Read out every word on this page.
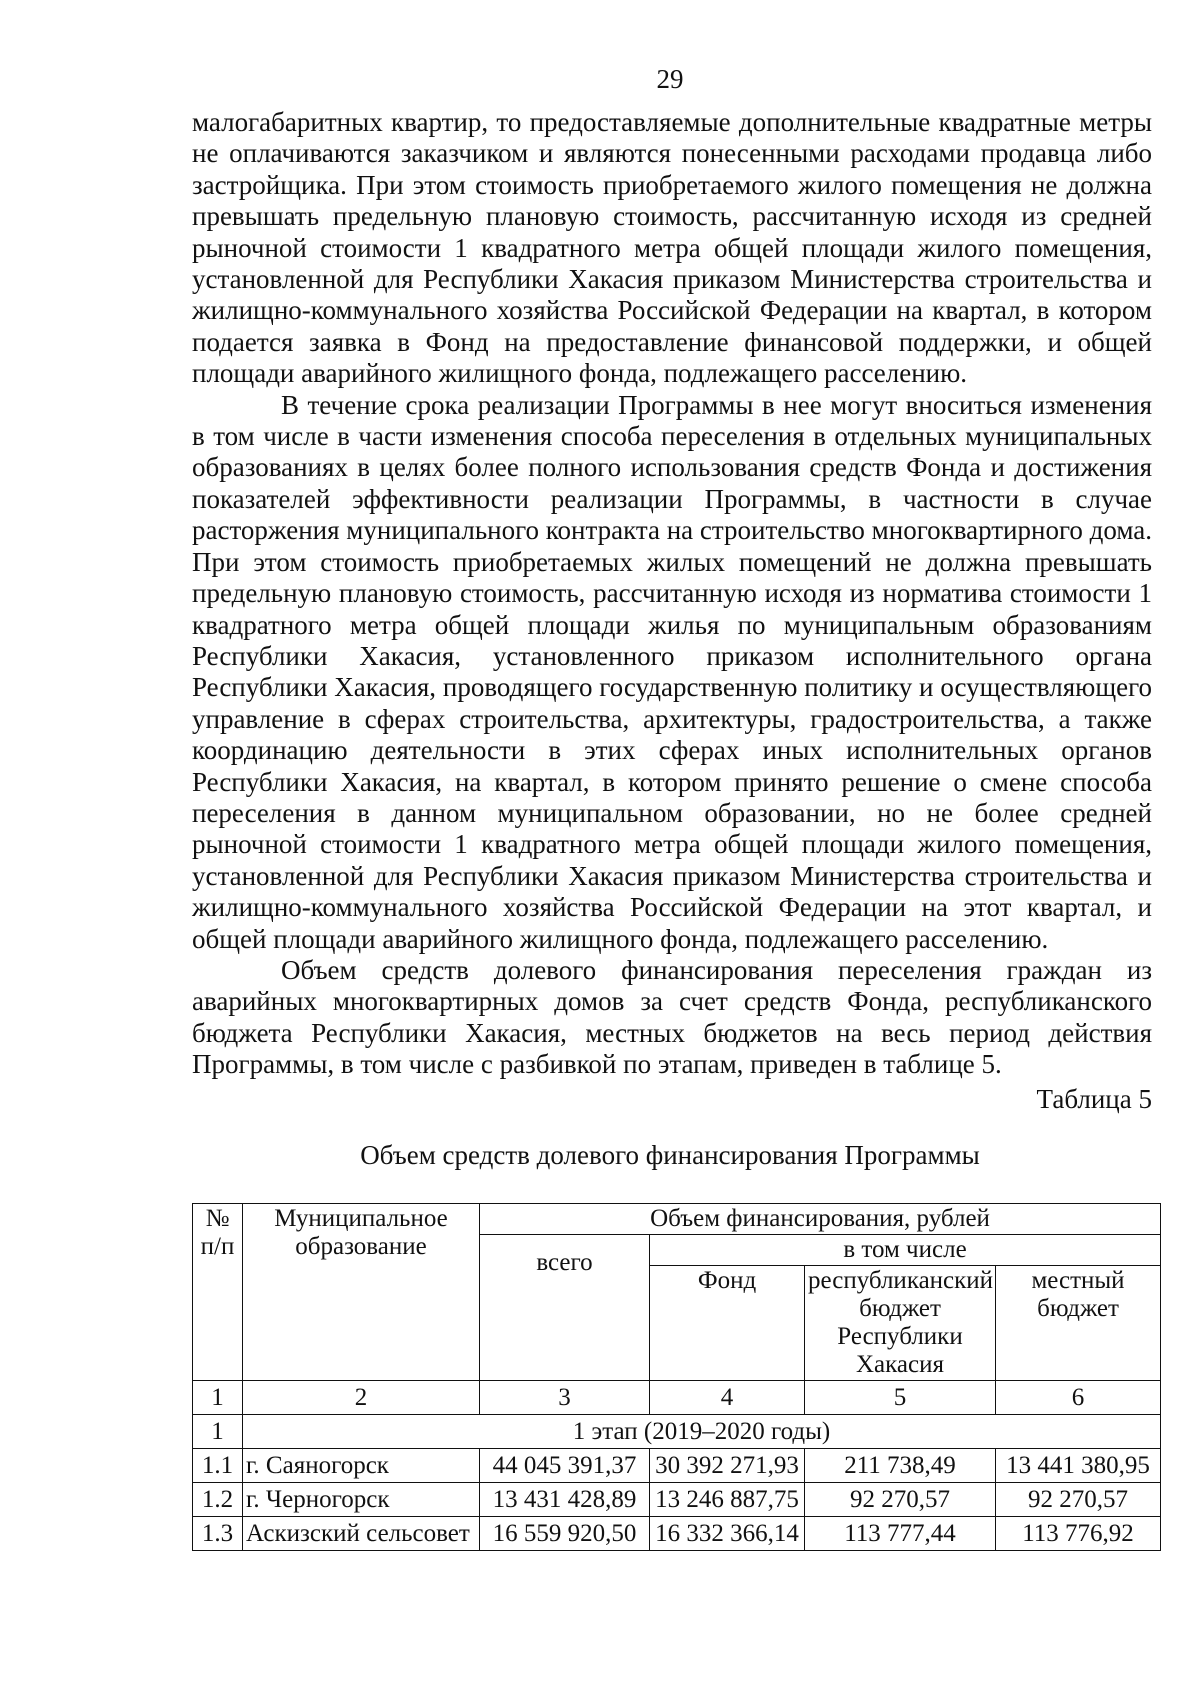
29

малогабаритных квартир, то предоставляемые дополнительные квадратные метры не оплачиваются заказчиком и являются понесенными расходами продавца либо застройщика. При этом стоимость приобретаемого жилого помещения не должна превышать предельную плановую стоимость, рассчитанную исходя из средней рыночной стоимости 1 квадратного метра общей площади жилого помещения, установленной для Республики Хакасия приказом Министерства строительства и жилищно-коммунального хозяйства Российской Федерации на квартал, в котором подается заявка в Фонд на предоставление финансовой поддержки, и общей площади аварийного жилищного фонда, подлежащего расселению.

В течение срока реализации Программы в нее могут вноситься изменения в том числе в части изменения способа переселения в отдельных муниципальных образованиях в целях более полного использования средств Фонда и достижения показателей эффективности реализации Программы, в частности в случае расторжения муниципального контракта на строительство многоквартирного дома. При этом стоимость приобретаемых жилых помещений не должна превышать предельную плановую стоимость, рассчитанную исходя из норматива стоимости 1 квадратного метра общей площади жилья по муниципальным образованиям Республики Хакасия, установленного приказом исполнительного органа Республики Хакасия, проводящего государственную политику и осуществляющего управление в сферах строительства, архитектуры, градостроительства, а также координацию деятельности в этих сферах иных исполнительных органов Республики Хакасия, на квартал, в котором принято решение о смене способа переселения в данном муниципальном образовании, но не более средней рыночной стоимости 1 квадратного метра общей площади жилого помещения, установленной для Республики Хакасия приказом Министерства строительства и жилищно-коммунального хозяйства Российской Федерации на этот квартал, и общей площади аварийного жилищного фонда, подлежащего расселению.

Объем средств долевого финансирования переселения граждан из аварийных многоквартирных домов за счет средств Фонда, республиканского бюджета Республики Хакасия, местных бюджетов на весь период действия Программы, в том числе с разбивкой по этапам, приведен в таблице 5.

Таблица 5
Объем средств долевого финансирования Программы
№ п/п	Муниципальное образование	Объем финансирования, рублей			
		всего	в том числе		
			Фонд	республиканский бюджет Республики Хакасия	местный бюджет
1	2	3	4	5	6
1	1 этап (2019–2020 годы)				
1.1	г. Саяногорск	44 045 391,37	30 392 271,93	211 738,49	13 441 380,95
1.2	г. Черногорск	13 431 428,89	13 246 887,75	92 270,57	92 270,57
1.3	Аскизский сельсовет	16 559 920,50	16 332 366,14	113 777,44	113 776,92
